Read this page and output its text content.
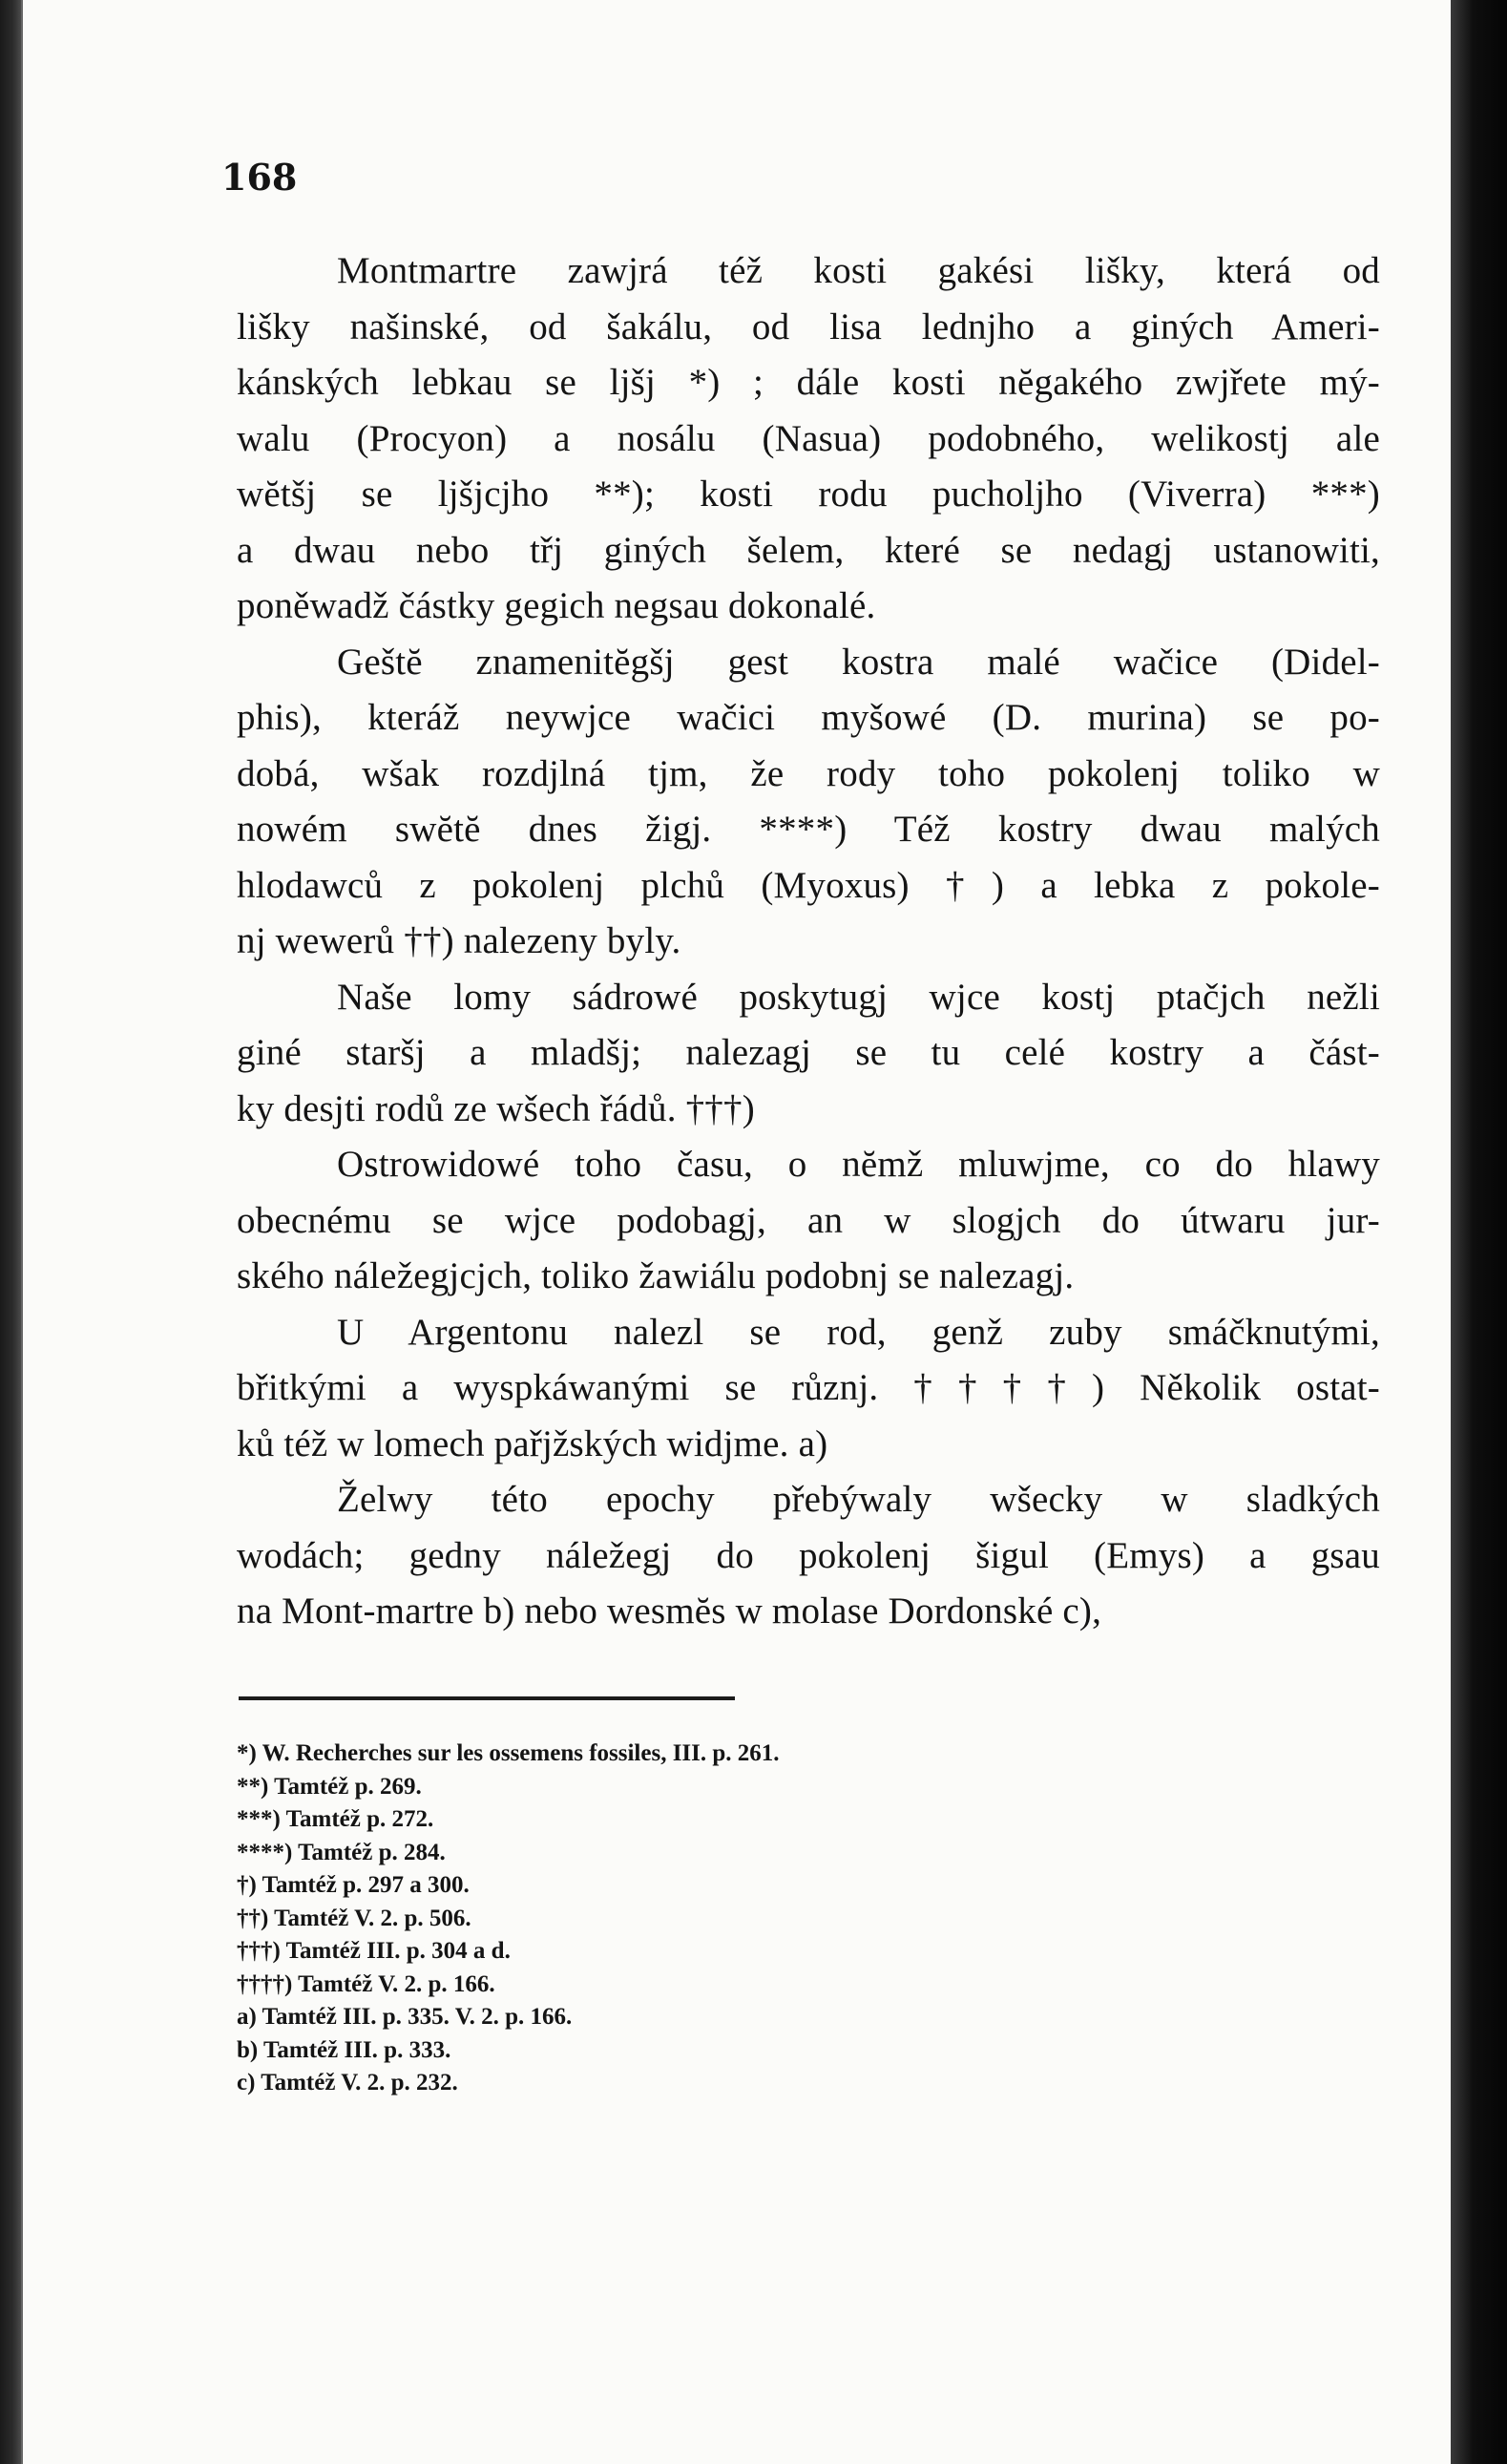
168
Montmartre zawjrá též kosti gakési lišky, která od
lišky našinské, od šakálu, od lisa lednjho a giných Ameri-
kánských lebkau se ljšj *) ; dále kosti nĕgakého zwjřete mý-
walu (Procyon) a nosálu (Nasua) podobného, welikostj ale
wĕtšj se ljšjcjho **); kosti rodu pucholjho (Viverra) ***)
a dwau nebo třj giných šelem, které se nedagj ustanowiti,
poněwadž částky gegich negsau dokonalé.
Geštĕ znamenitĕgšj gest kostra malé wačice (Didel-
phis), kteráž neywjce wačici myšowé (D. murina) se po-
dobá, wšak rozdjlná tjm, že rody toho pokolenj toliko w
nowém swĕtĕ dnes žigj. ****) Též kostry dwau malých
hlodawců z pokolenj plchů (Myoxus) †) a lebka z pokole-
nj wewerů ††) nalezeny byly.
Naše lomy sádrowé poskytugj wjce kostj ptačjch nežli
giné staršj a mladšj; nalezagj se tu celé kostry a část-
ky desjti rodů ze wšech řádů. †††)
Ostrowidowé toho času, o nĕmž mluwjme, co do hlawy
obecnému se wjce podobagj, an w slogjch do útwaru jur-
ského náležegjcjch, toliko žawiálu podobnj se nalezagj.
U Argentonu nalezl se rod, genž zuby smáčknutými,
břitkými a wyspkáwanými se různj. ††††) Několik ostat-
ků též w lomech pařjžských widjme. a)
Želwy této epochy přebýwaly wšecky w sladkých
wodách; gedny náležegj do pokolenj šigul (Emys) a gsau
na Mont-martre b) nebo wesmĕs w molase Dordonské c),
*) W. Recherches sur les ossemens fossiles, III. p. 261.
**) Tamtéž p. 269.
***) Tamtéž p. 272.
****) Tamtéž p. 284.
†) Tamtéž p. 297 a 300.
††) Tamtéž V. 2. p. 506.
†††) Tamtéž III. p. 304 a d.
††††) Tamtéž V. 2. p. 166.
a) Tamtéž III. p. 335. V. 2. p. 166.
b) Tamtéž III. p. 333.
c) Tamtéž V. 2. p. 232.
